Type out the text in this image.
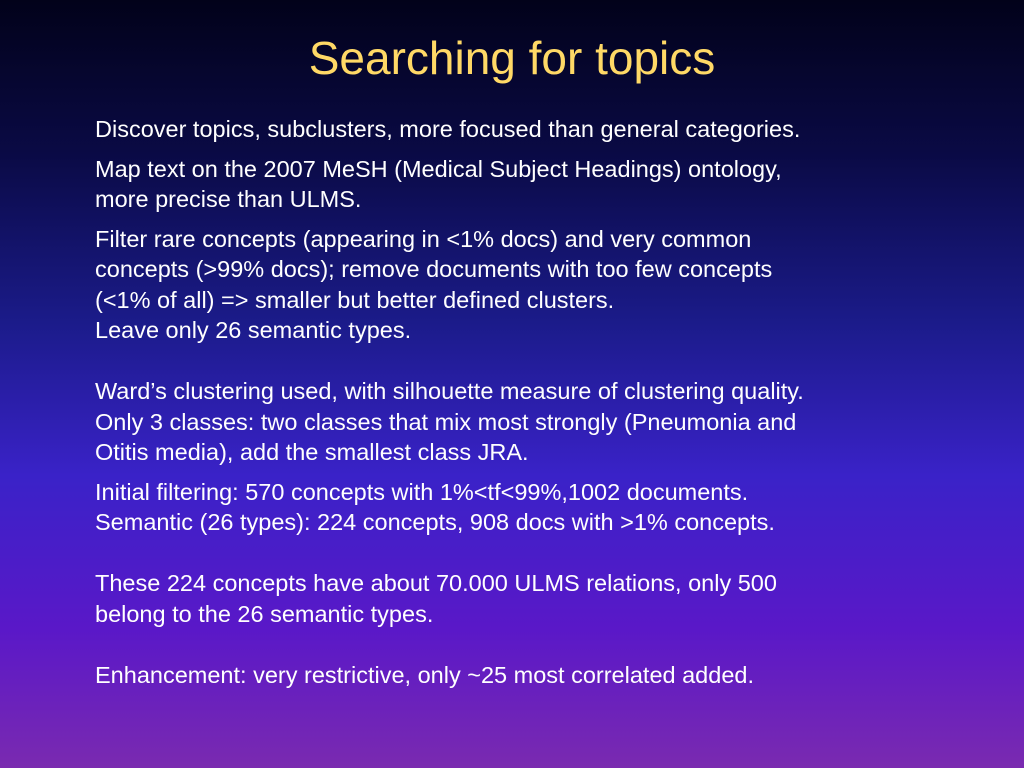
Searching for topics

Discover topics, subclusters, more focused than general categories.

Map text on the 2007 MeSH (Medical Subject Headings) ontology,

more precise than ULMS.

Filter rare concepts (appearing in <1% docs) and very common

concepts (>99% docs); remove documents with too few concepts

(<1% of all) => smaller but better defined clusters.

Leave only 26 semantic types.

Ward’s clustering used, with silhouette measure of clustering quality.

Only 3 classes: two classes that mix most strongly (Pneumonia and

Otitis media), add the smallest class JRA.

Initial filtering: 570 concepts with 1%<tf<99%,1002 documents.

Semantic (26 types): 224 concepts, 908 docs with >1% concepts.

These 224 concepts have about 70.000 ULMS relations, only 500

belong to the 26 semantic types.

Enhancement: very restrictive, only ~25 most correlated added.
